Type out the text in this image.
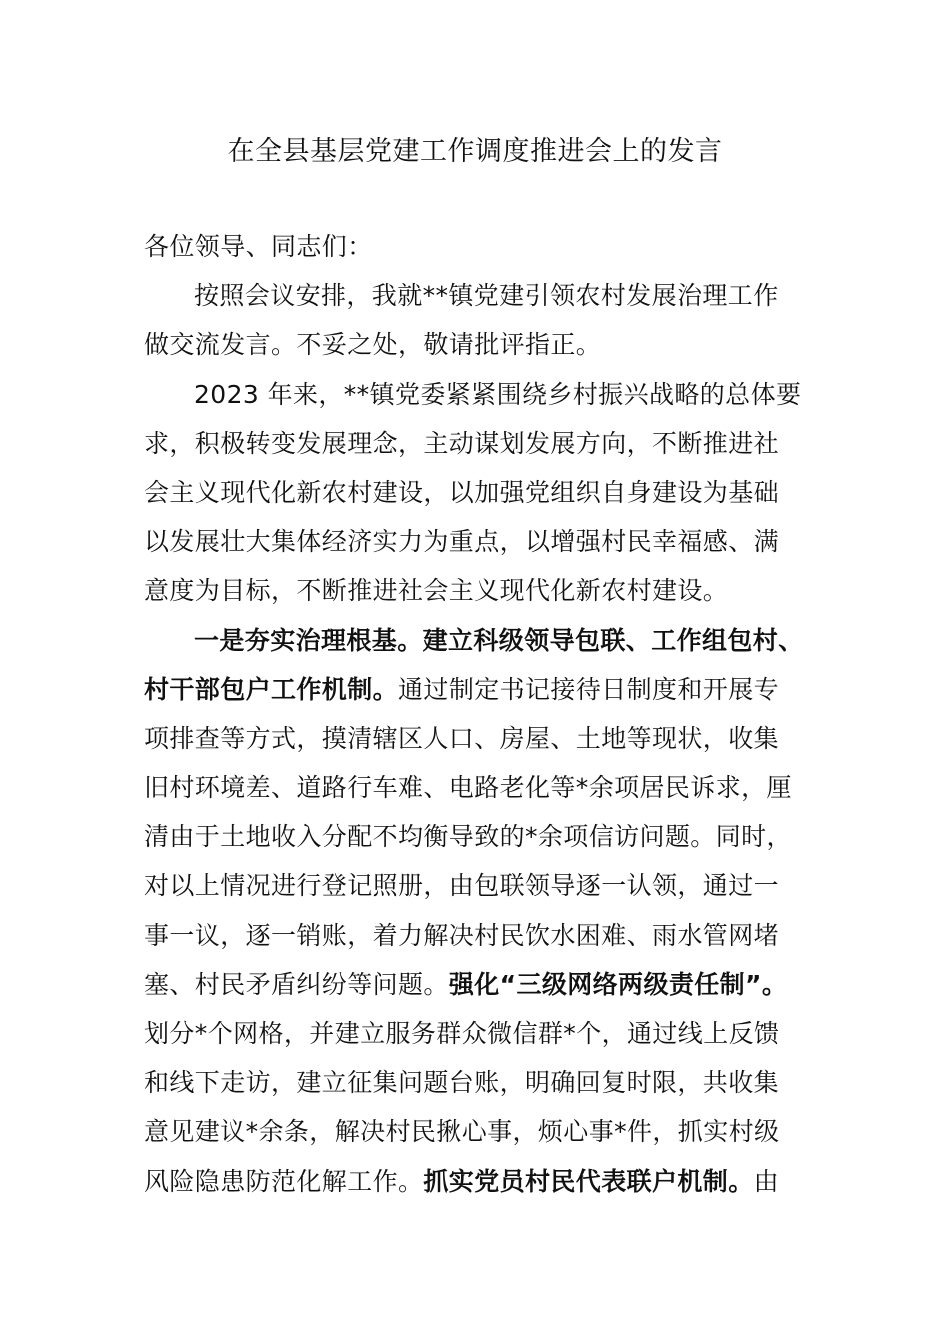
在全县基层党建工作调度推进会上的发言
各位领导、同志们：
按照会议安排，我就**镇党建引领农村发展治理工作
做交流发言。不妥之处，敬请批评指正。
2023 年来，**镇党委紧紧围绕乡村振兴战略的总体要
求，积极转变发展理念，主动谋划发展方向，不断推进社
会主义现代化新农村建设，以加强党组织自身建设为基础
以发展壮大集体经济实力为重点，以增强村民幸福感、满
意度为目标，不断推进社会主义现代化新农村建设。
一是夯实治理根基。建立科级领导包联、工作组包村、
村干部包户工作机制。通过制定书记接待日制度和开展专
项排查等方式，摸清辖区人口、房屋、土地等现状，收集
旧村环境差、道路行车难、电路老化等*余项居民诉求，厘
清由于土地收入分配不均衡导致的*余项信访问题。同时，
对以上情况进行登记照册，由包联领导逐一认领，通过一
事一议，逐一销账，着力解决村民饮水困难、雨水管网堵
塞、村民矛盾纠纷等问题。强化“三级网络两级责任制”。
划分*个网格，并建立服务群众微信群*个，通过线上反馈
和线下走访，建立征集问题台账，明确回复时限，共收集
意见建议*余条，解决村民揪心事，烦心事*件，抓实村级
风险隐患防范化解工作。抓实党员村民代表联户机制。由
